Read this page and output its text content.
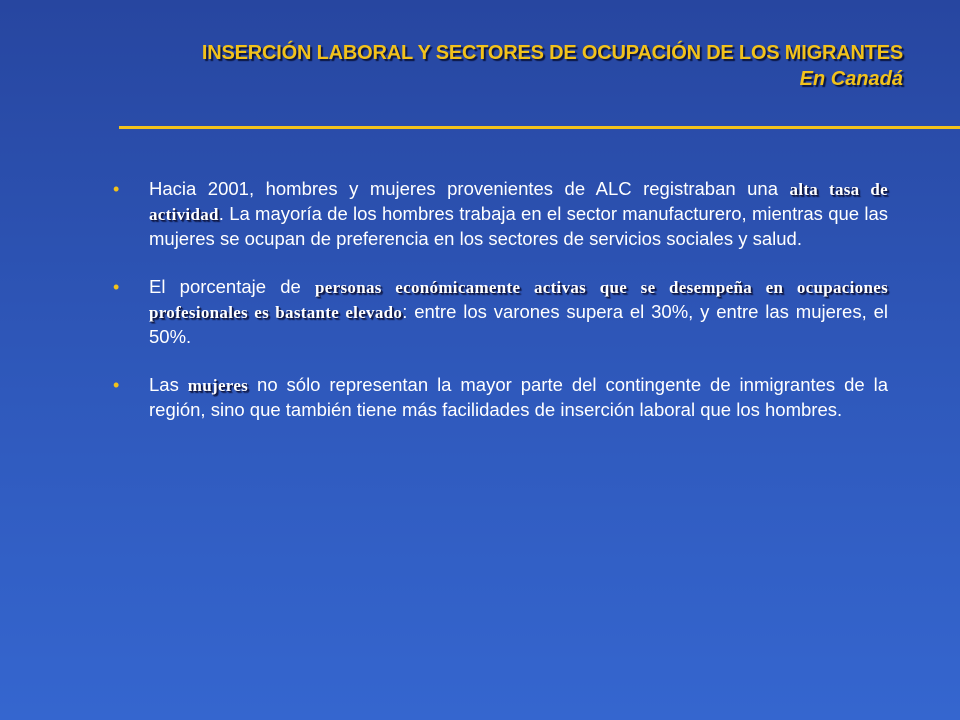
INSERCIÓN LABORAL Y SECTORES DE OCUPACIÓN DE LOS MIGRANTES
En Canadá
• Hacia 2001, hombres y mujeres provenientes de ALC registraban una alta tasa de actividad. La mayoría de los hombres trabaja en el sector manufacturero, mientras que las mujeres se ocupan de preferencia en los sectores de servicios sociales y salud.
• El porcentaje de personas económicamente activas que se desempeña en ocupaciones profesionales es bastante elevado: entre los varones supera el 30%, y entre las mujeres, el 50%.
• Las mujeres no sólo representan la mayor parte del contingente de inmigrantes de la región, sino que también tiene más facilidades de inserción laboral que los hombres.
